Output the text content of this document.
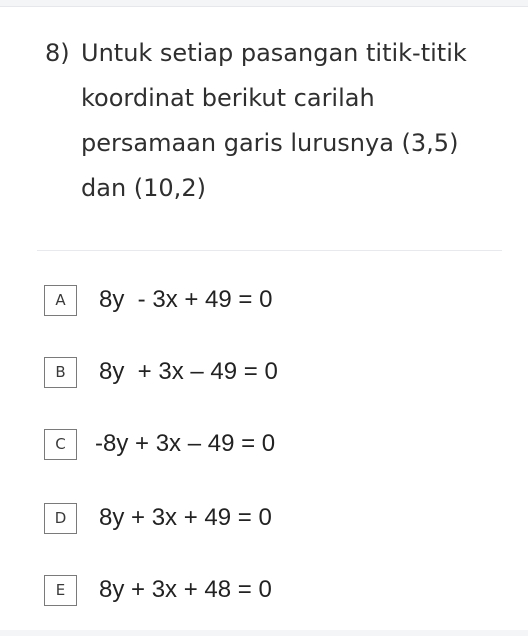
8) Untuk setiap pasangan titik-titik koordinat berikut carilah persamaan garis lurusnya (3,5) dan (10,2)
A	8y  - 3x + 49 = 0
B	8y  + 3x – 49 = 0
C	-8y + 3x – 49 = 0
D	8y + 3x + 49 = 0
E	8y + 3x + 48 = 0
